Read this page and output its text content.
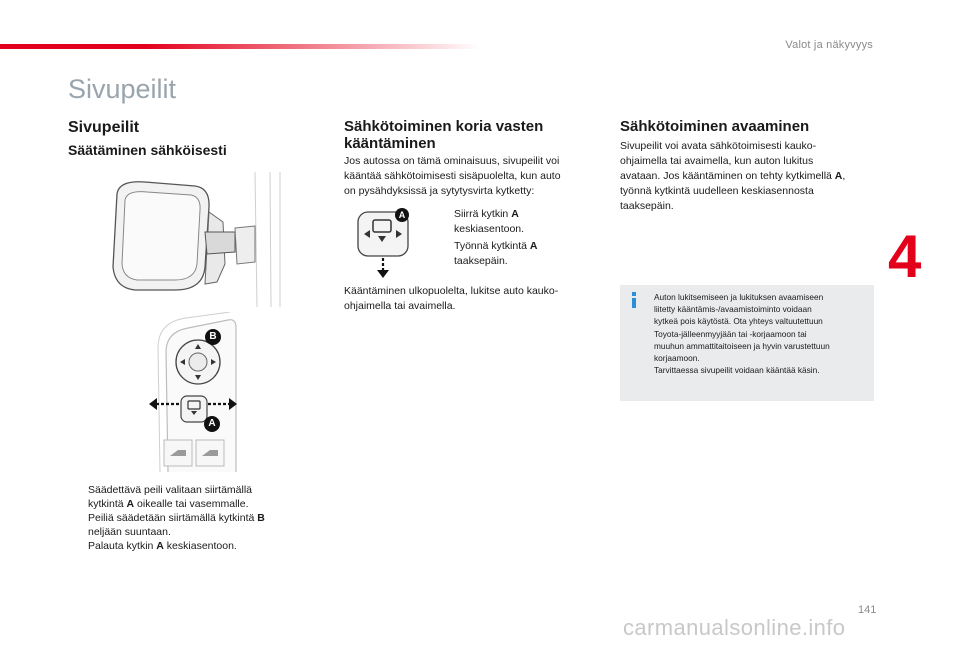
Valot ja näkyvyys
Sivupeilit
Sivupeilit
Säätäminen sähköisesti
B
A
Säädettävä peili valitaan siirtämällä
kytkintä A oikealle tai vasemmalle.
Peiliä säädetään siirtämällä kytkintä B
neljään suuntaan.
Palauta kytkin A keskiasentoon.
Sähkötoiminen koria vasten
kääntäminen
Jos autossa on tämä ominaisuus, sivupeilit voi
kääntää sähkötoimisesti sisäpuolelta, kun auto
on pysähdyksissä ja sytytysvirta kytketty:
A	Siirrä kytkin A
keskiasentoon.
Työnnä kytkintä A
taaksepäin.
Kääntäminen ulkopuolelta, lukitse auto kauko-
ohjaimella tai avaimella.
Sähkötoiminen avaaminen
Sivupeilit voi avata sähkötoimisesti kauko-
ohjaimella tai avaimella, kun auton lukitus
avataan. Jos kääntäminen on tehty kytkimellä A,
työnnä kytkintä uudelleen keskiasennosta
taaksepäin.
4
Auton lukitsemiseen ja lukituksen avaamiseen
liitetty kääntämis-/avaamistoiminto voidaan
kytkeä pois käytöstä. Ota yhteys valtuutettuun
Toyota-jälleenmyyjään tai -korjaamoon tai
muuhun ammattitaitoiseen ja hyvin varustettuun
korjaamoon.
Tarvittaessa sivupeilit voidaan kääntää käsin.
141
carmanualsonline.info
